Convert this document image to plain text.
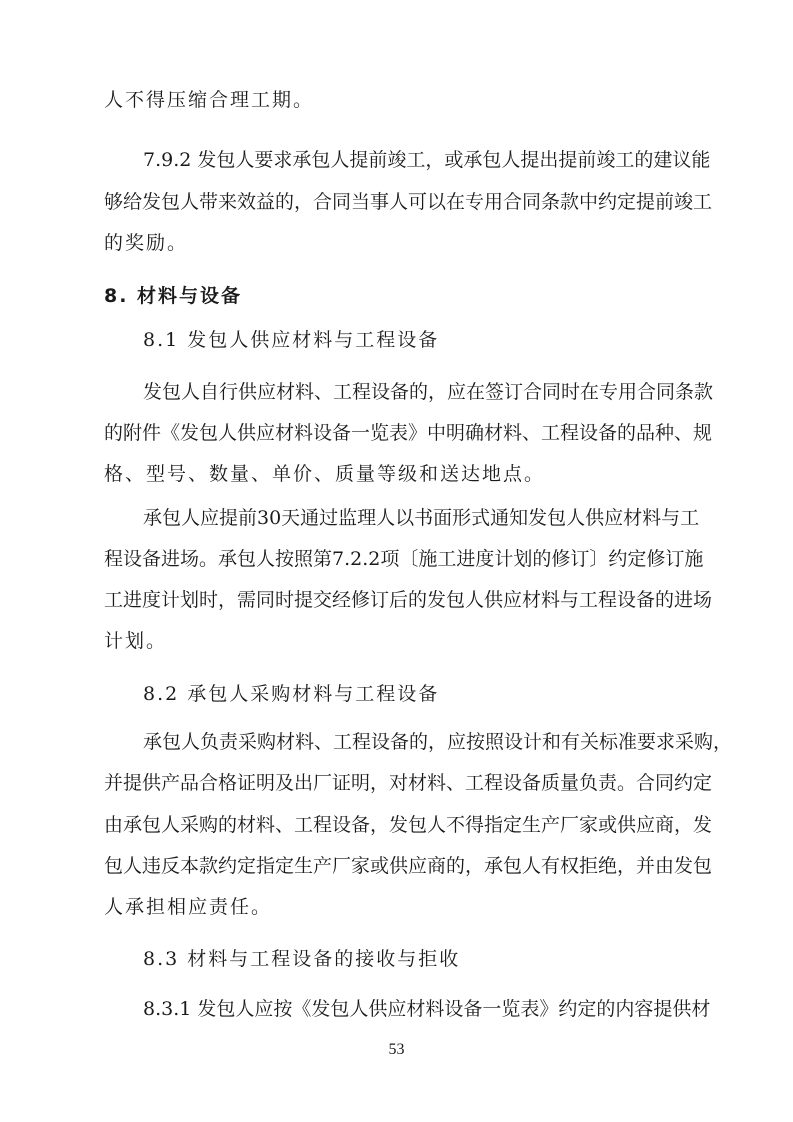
人不得压缩合理工期。
7.9.2 发包人要求承包人提前竣工，或承包人提出提前竣工的建议能
够给发包人带来效益的，合同当事人可以在专用合同条款中约定提前竣工
的奖励。
8. 材料与设备
8.1 发包人供应材料与工程设备
发包人自行供应材料、工程设备的，应在签订合同时在专用合同条款
的附件《发包人供应材料设备一览表》中明确材料、工程设备的品种、规
格、型号、数量、单价、质量等级和送达地点。
承包人应提前30天通过监理人以书面形式通知发包人供应材料与工
程设备进场。承包人按照第7.2.2项〔施工进度计划的修订〕约定修订施
工进度计划时，需同时提交经修订后的发包人供应材料与工程设备的进场
计划。
8.2 承包人采购材料与工程设备
承包人负责采购材料、工程设备的，应按照设计和有关标准要求采购，
并提供产品合格证明及出厂证明，对材料、工程设备质量负责。合同约定
由承包人采购的材料、工程设备，发包人不得指定生产厂家或供应商，发
包人违反本款约定指定生产厂家或供应商的，承包人有权拒绝，并由发包
人承担相应责任。
8.3 材料与工程设备的接收与拒收
8.3.1 发包人应按《发包人供应材料设备一览表》约定的内容提供材
53
